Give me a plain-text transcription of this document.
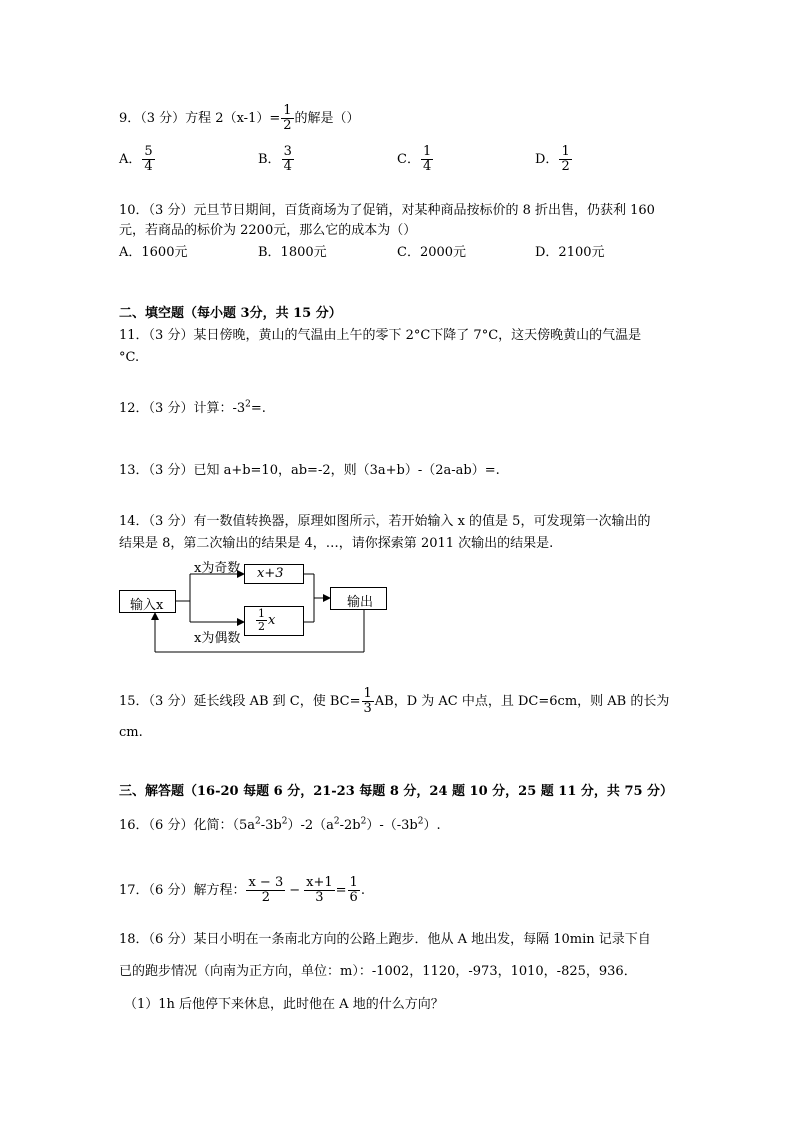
9．（3 分）方程 $2(x-1)= \frac{1}{2}$ 的解是（）
A． $\frac{5}{4}$	B． $\frac{3}{4}$	C． $\frac{1}{4}$	D． $\frac{1}{2}$
10．（3 分）元旦节日期间，百货商场为了促销，对某种商品按标价的 8 折出售，仍获利 160
元，若商品的标价为 2200元，那么它的成本为（）
A．1600元	B．1800元	C．2000元	D．2100元
二、填空题（每小题 3分，共 15 分）
11．（3 分）某日傍晚，黄山的气温由上午的零下 2°C下降了 7°C，这天傍晚黄山的气温是
°C.
12．（3 分）计算：$-3^2=$.
13．（3 分）已知 a+b=10，ab=-2，则（3a+b）-（2a-ab）=.
14．（3 分）有一数值转换器，原理如图所示，若开始输入 x 的值是 5，可发现第一次输出的
结果是 8，第二次输出的结果是 4，…，请你探索第 2011 次输出的结果是.
输入x
x为奇数
x为偶数
x+3
$\frac{1}{2}$ x
输出
15．（3 分）延长线段 AB 到 C，使 $BC= \frac{1}{3}$ AB，D 为 AC 中点，且 DC=6cm，则 AB 的长为
cm.
三、解答题（16-20 每题 6 分，21-23 每题 8 分，24 题 10 分，25 题 11 分，共 75 分）
16．（6 分）化简：$(5a^2-3b^2)-2(a^2-2b^2)-(-3b^2)$.
17．（6 分）解方程： $\frac{x - 3}{2} - \frac{x+1}{3} = \frac{1}{6}$ .
18．（6 分）某日小明在一条南北方向的公路上跑步．他从 A 地出发，每隔 10min 记录下自
已的跑步情况（向南为正方向，单位：m）：-1002，1120，-973，1010，-825，936．
（1）1h 后他停下来休息，此时他在 A 地的什么方向？
